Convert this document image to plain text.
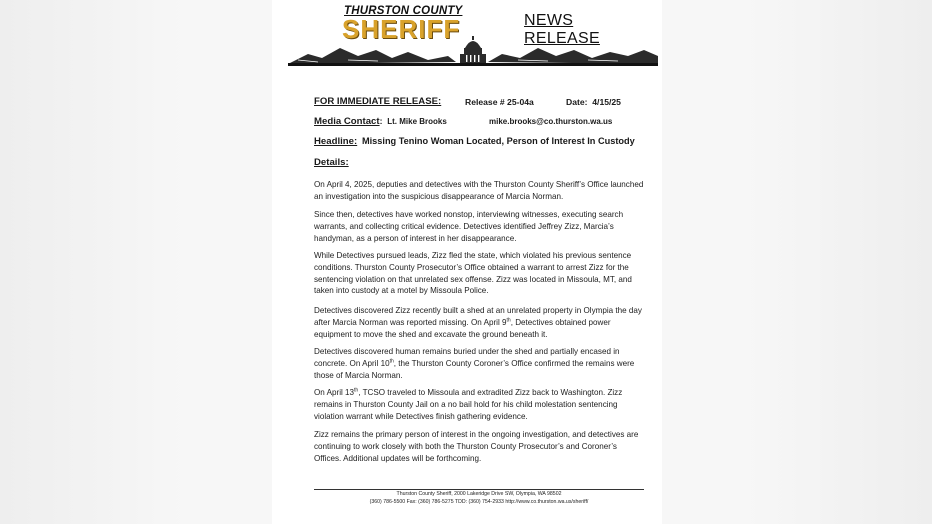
THURSTON COUNTY
SHERIFF	NEWS RELEASE
FOR IMMEDIATE RELEASE:	Release # 25-04a	Date: 4/15/25
Media Contact: Lt. Mike Brooks	mike.brooks@co.thurston.wa.us
Headline: Missing Tenino Woman Located, Person of Interest In Custody
Details:
On April 4, 2025, deputies and detectives with the Thurston County Sheriff’s Office launched an investigation into the suspicious disappearance of Marcia Norman.
Since then, detectives have worked nonstop, interviewing witnesses, executing search warrants, and collecting critical evidence. Detectives identified Jeffrey Zizz, Marcia’s handyman, as a person of interest in her disappearance.
While Detectives pursued leads, Zizz fled the state, which violated his previous sentence conditions. Thurston County Prosecutor’s Office obtained a warrant to arrest Zizz for the sentencing violation on that unrelated sex offense. Zizz was located in Missoula, MT, and taken into custody at a motel by Missoula Police.
Detectives discovered Zizz recently built a shed at an unrelated property in Olympia the day after Marcia Norman was reported missing. On April 9th, Detectives obtained power equipment to move the shed and excavate the ground beneath it.
Detectives discovered human remains buried under the shed and partially encased in concrete. On April 10th, the Thurston County Coroner’s Office confirmed the remains were those of Marcia Norman.
On April 13th, TCSO traveled to Missoula and extradited Zizz back to Washington. Zizz remains in Thurston County Jail on a no bail hold for his child molestation sentencing violation warrant while Detectives finish gathering evidence.
Zizz remains the primary person of interest in the ongoing investigation, and detectives are continuing to work closely with both the Thurston County Prosecutor’s and Coroner’s Offices. Additional updates will be forthcoming.
Thurston County Sheriff, 2000 Lakeridge Drive SW, Olympia, WA 98502
(360) 786-5500 Fax: (360) 786-5275 TDD: (360) 754-2933 http://www.co.thurston.wa.us/sheriff/
